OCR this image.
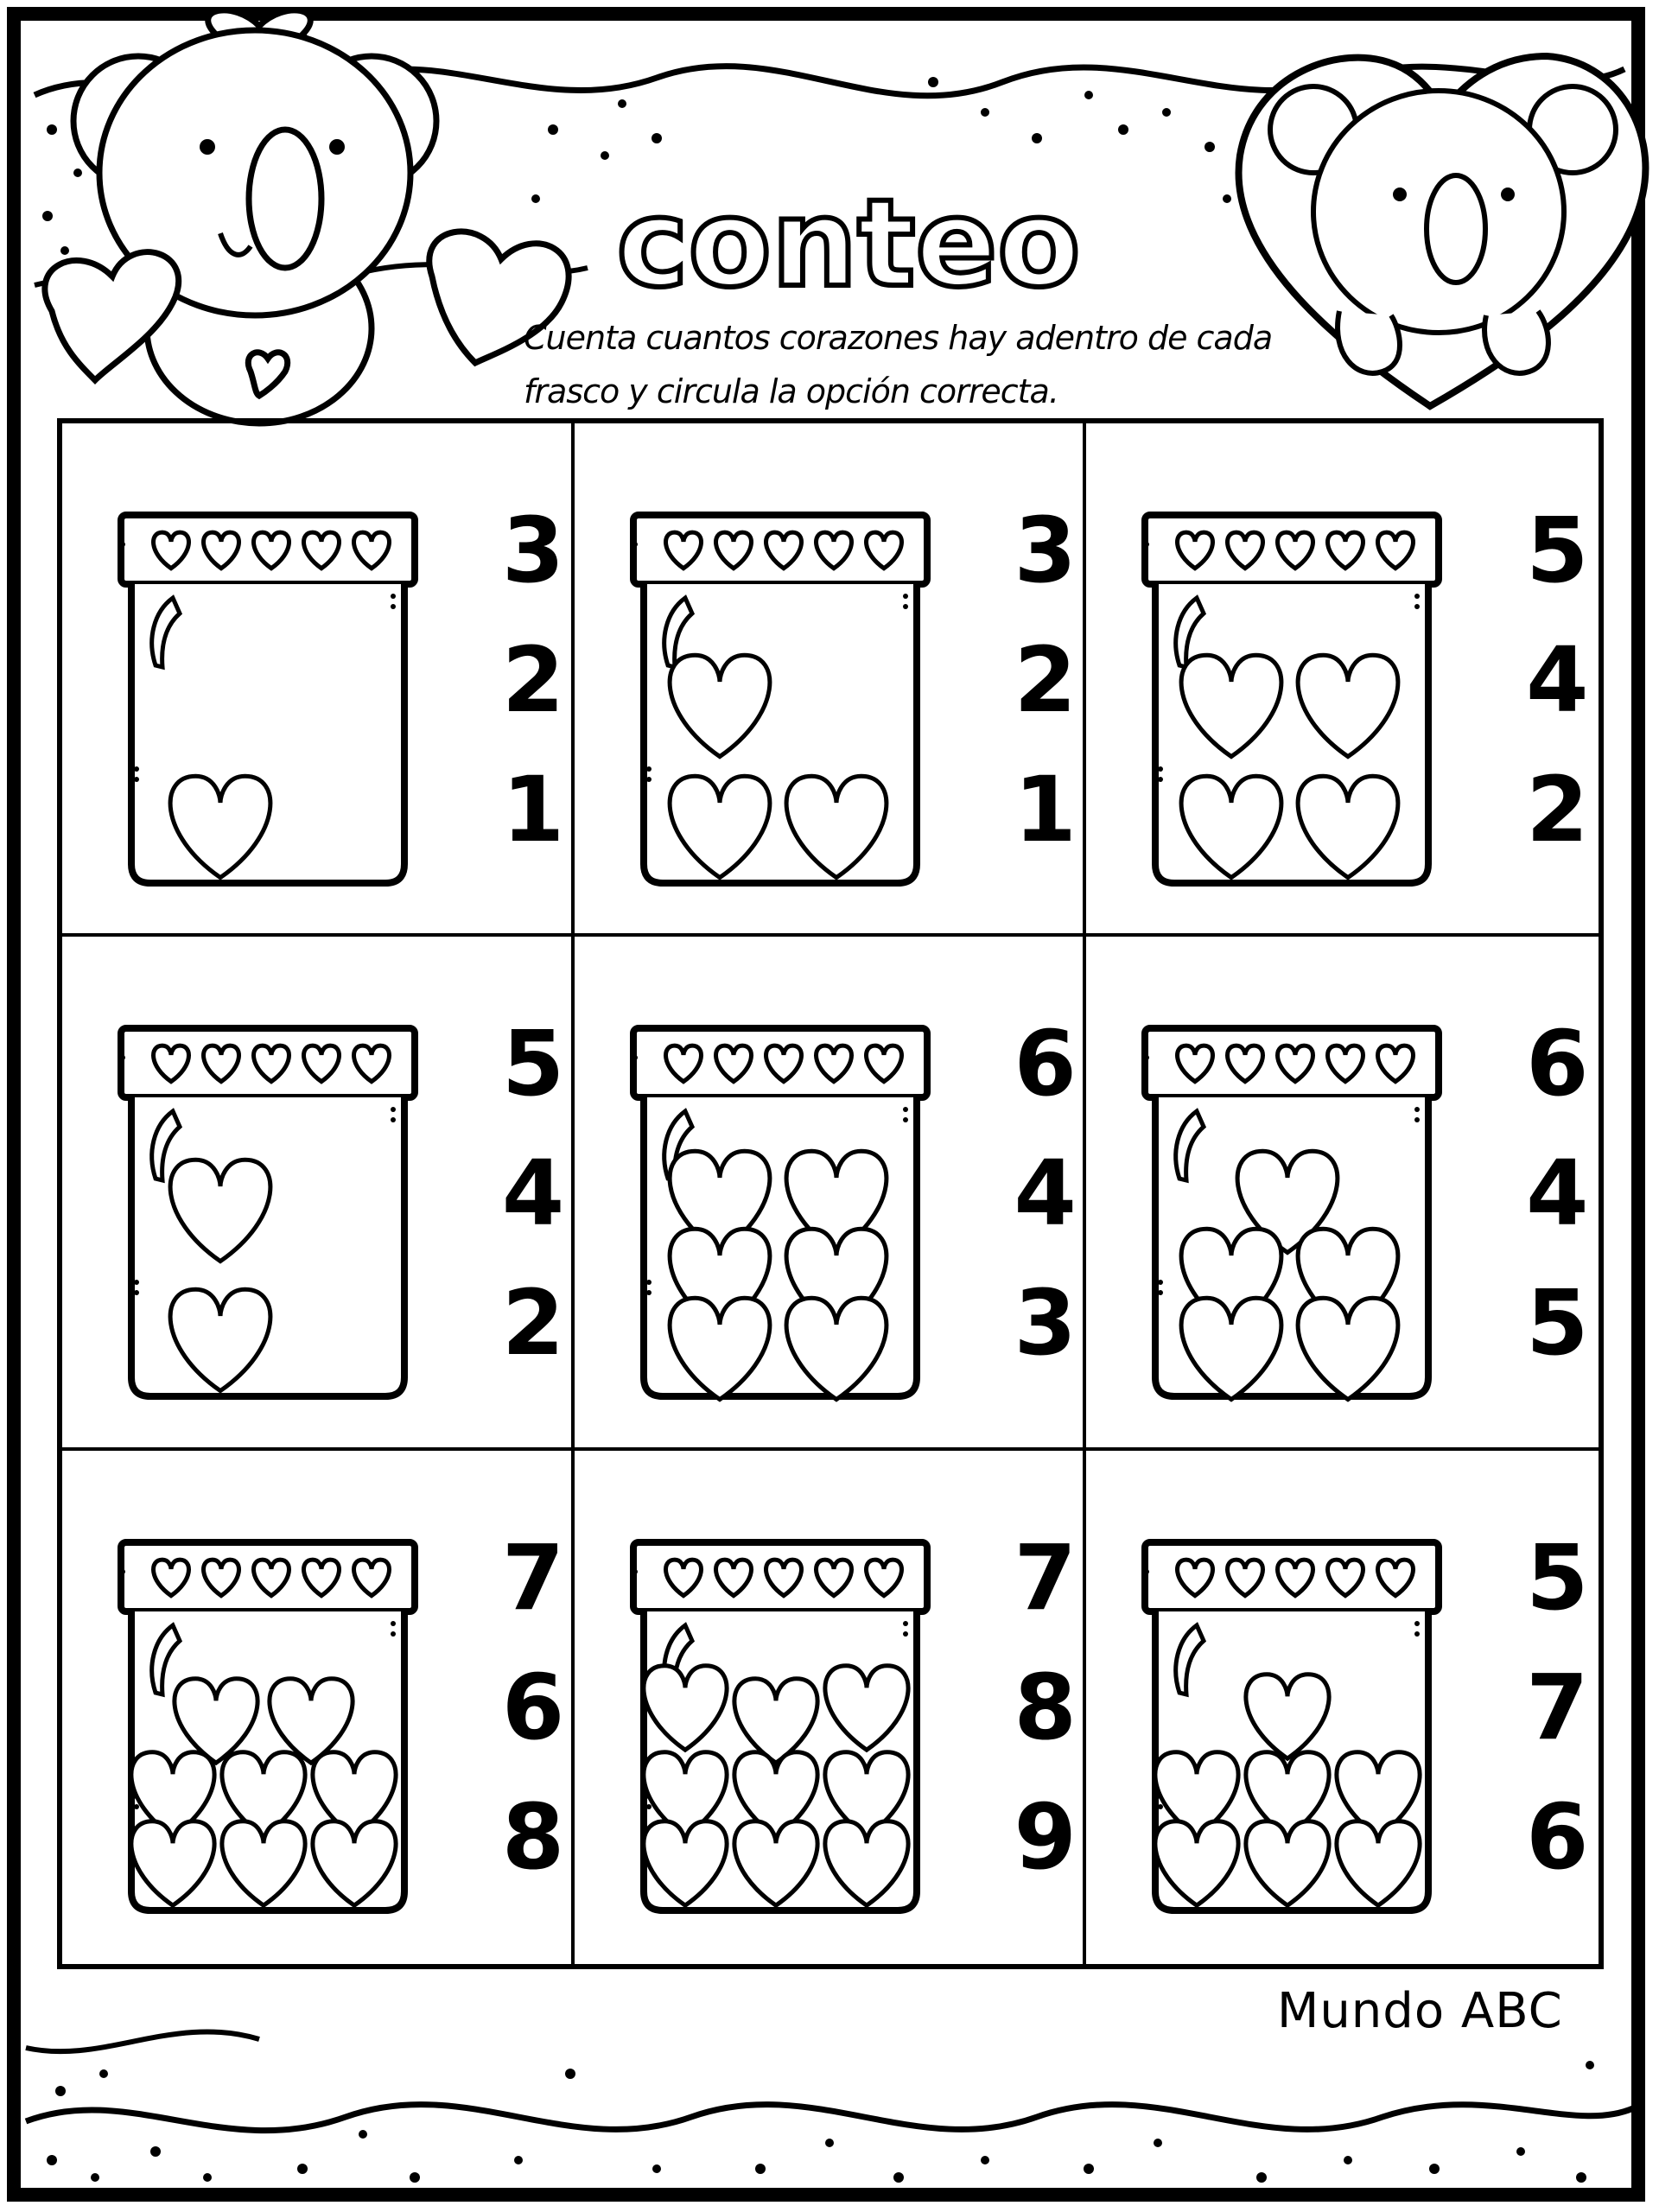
conteo
Cuenta cuantos corazones hay adentro de cada
frasco y circula la opción correcta.
3
2
1
3
2
1
5
4
2
5
4
2
6
4
3
6
4
5
7
6
8
7
8
9
5
7
6
Mundo ABC
